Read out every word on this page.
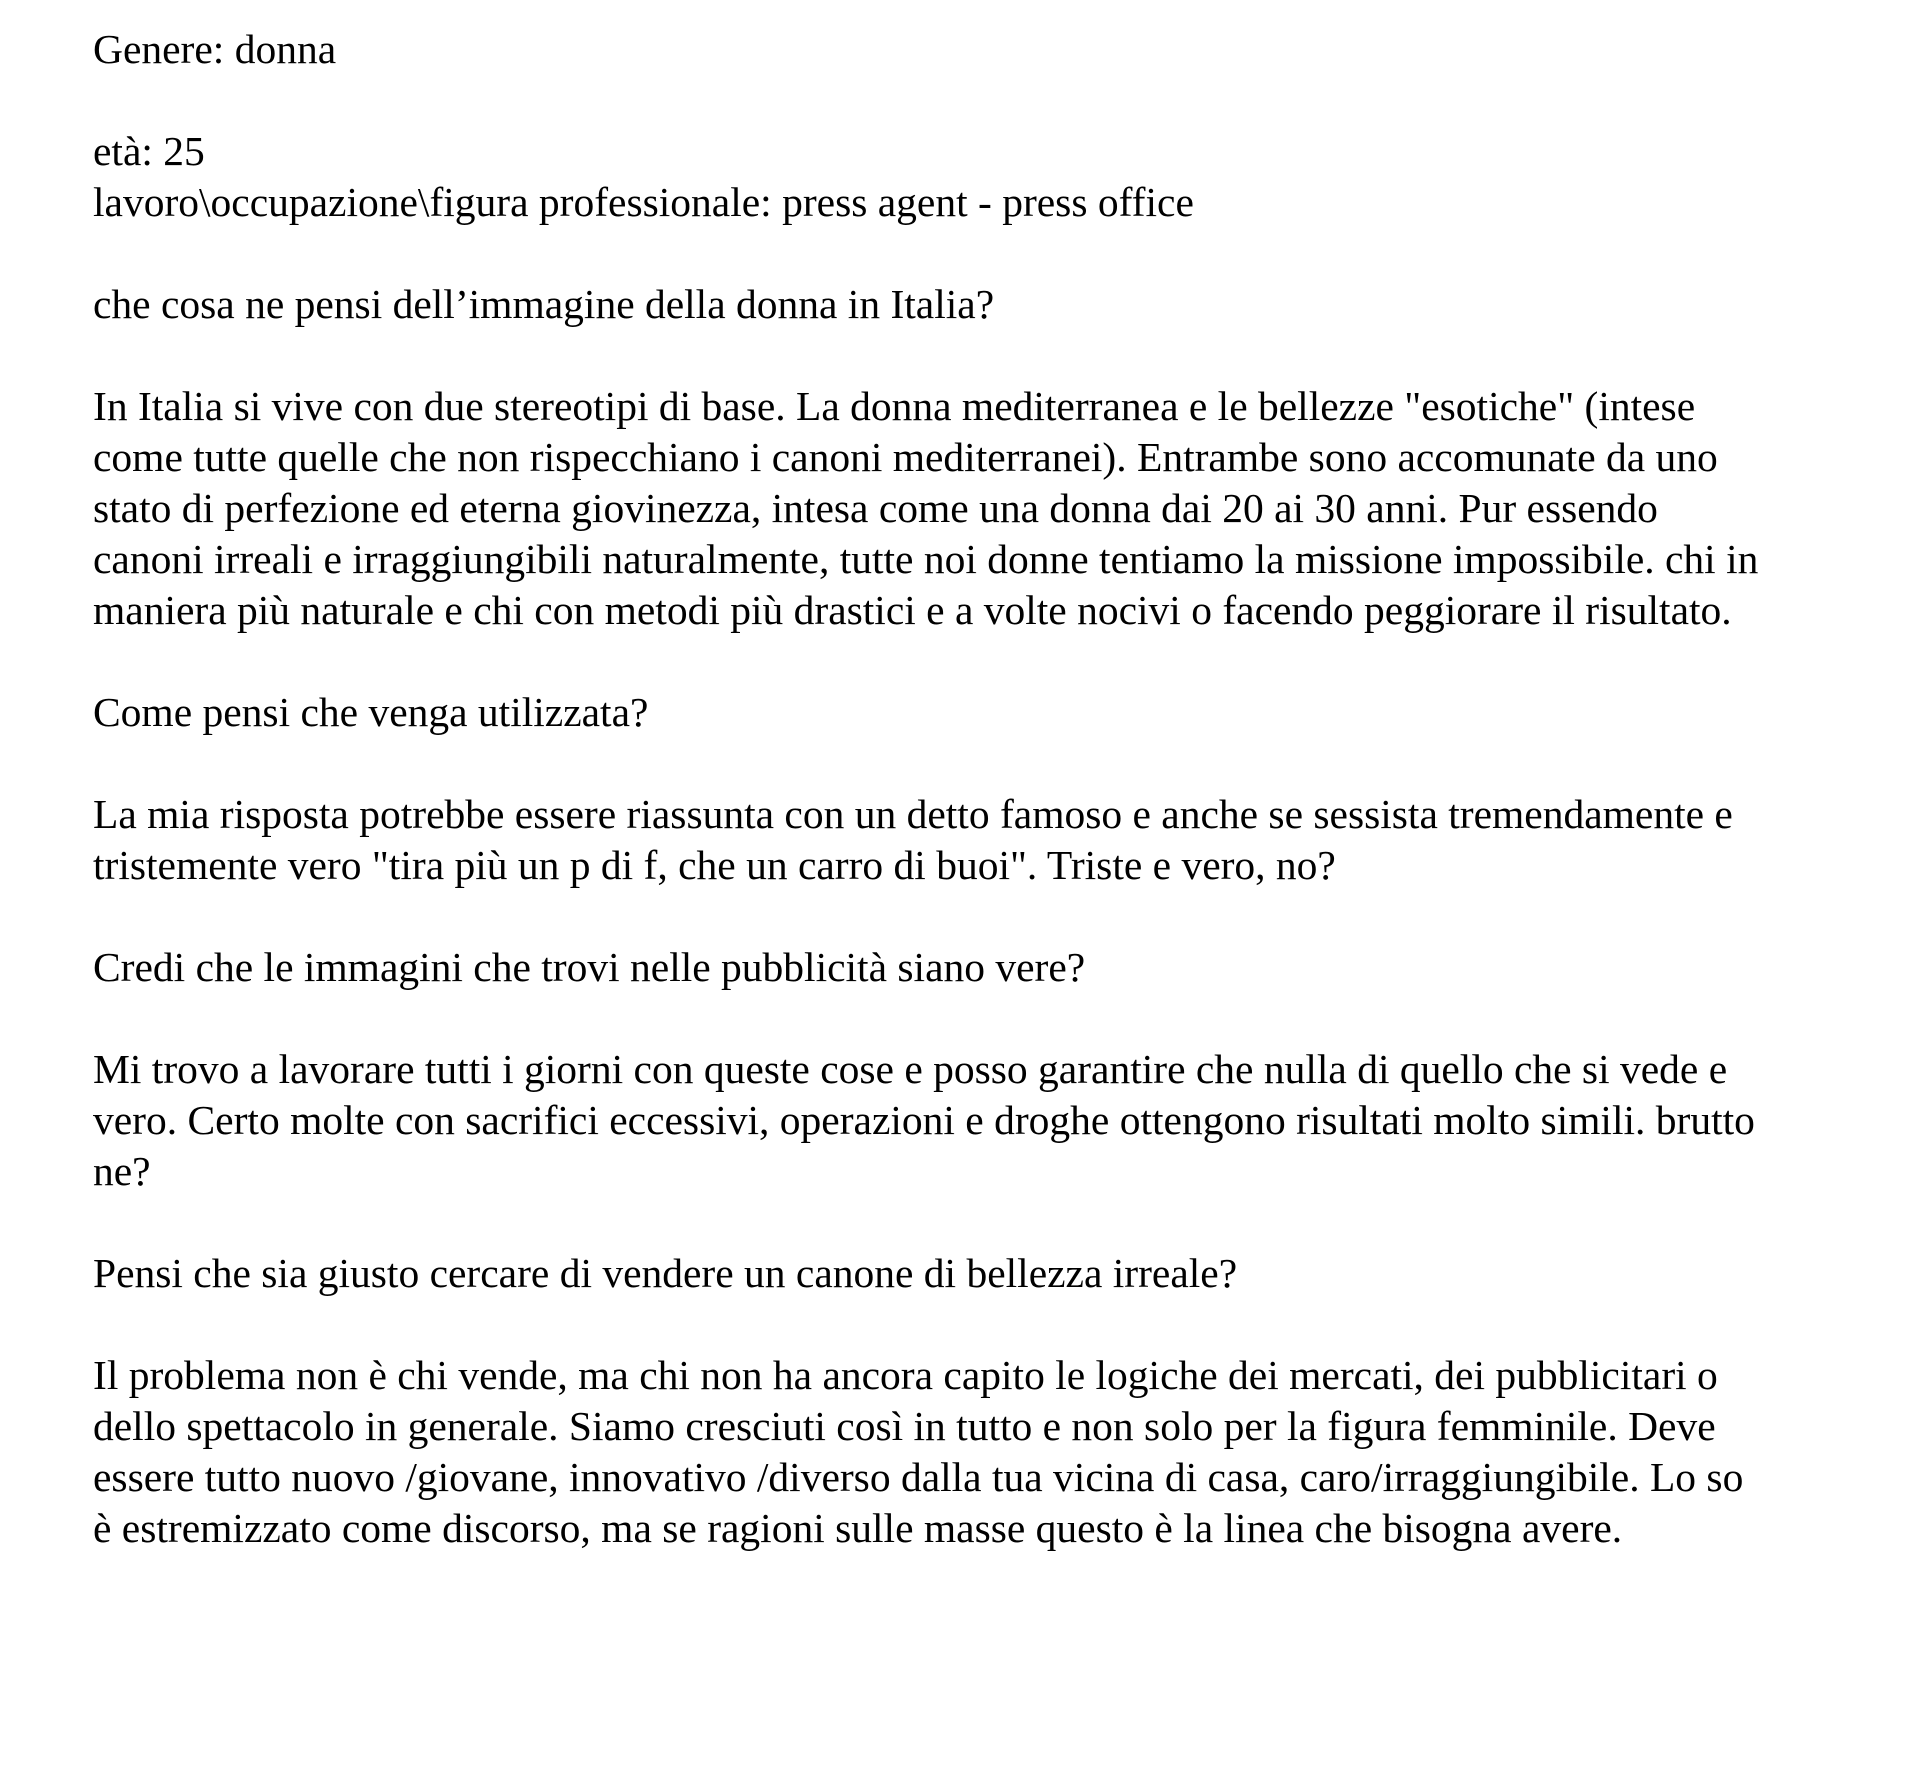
Genere: donna

età: 25

lavoro\occupazione\figura professionale: press agent - press office

che cosa ne pensi dell’immagine della donna in Italia?

In Italia si vive con due stereotipi di base. La donna mediterranea e le bellezze "esotiche" (intese

come tutte quelle che non rispecchiano i canoni mediterranei). Entrambe sono accomunate da uno

stato di perfezione ed eterna giovinezza, intesa come una donna dai 20 ai 30 anni. Pur essendo

canoni irreali e irraggiungibili naturalmente, tutte noi donne tentiamo la missione impossibile. chi in

maniera più naturale e chi con metodi più drastici e a volte nocivi o facendo peggiorare il risultato.

Come pensi che venga utilizzata?

La mia risposta potrebbe essere riassunta con un detto famoso e anche se sessista tremendamente e

tristemente vero "tira più un p di f, che un carro di buoi". Triste e vero, no?

Credi che le immagini che trovi nelle pubblicità siano vere?

Mi trovo a lavorare tutti i giorni con queste cose e posso garantire che nulla di quello che si vede e

vero. Certo molte con sacrifici eccessivi, operazioni e droghe ottengono risultati molto simili. brutto

ne?

Pensi che sia giusto cercare di vendere un canone di bellezza irreale?

Il problema non è chi vende, ma chi non ha ancora capito le logiche dei mercati, dei pubblicitari o

dello spettacolo in generale. Siamo cresciuti così in tutto e non solo per la figura femminile. Deve

essere tutto nuovo /giovane, innovativo /diverso dalla tua vicina di casa, caro/irraggiungibile. Lo so

è estremizzato come discorso, ma se ragioni sulle masse questo è la linea che bisogna avere.
